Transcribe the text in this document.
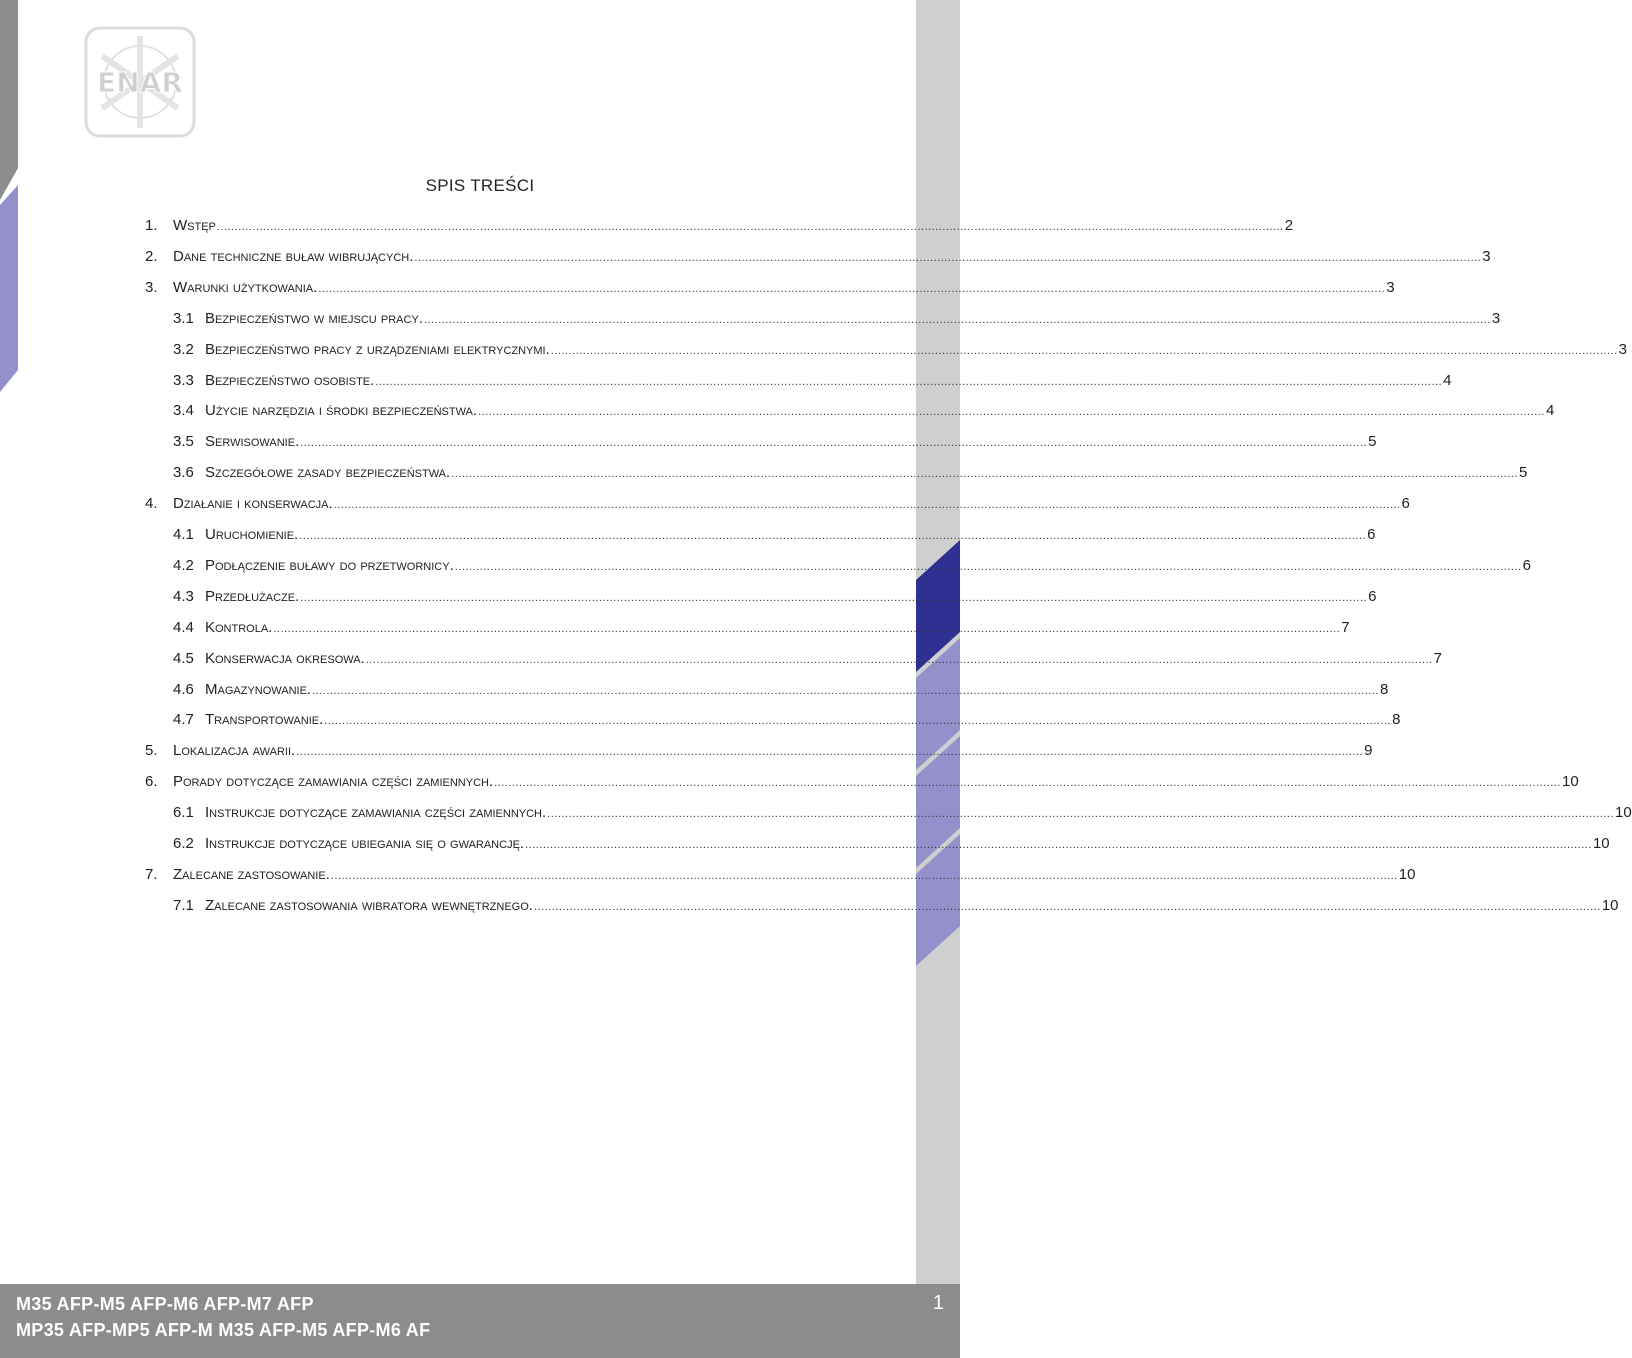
ENAR
SPIS TREŚCI
1.	Wstęp ............................................................................................................................................................................................................................................................................................................ 2
2.	Dane techniczne buław wibrujących. ............................................................................................................................................................................................................................................................................................................ 3
3.	Warunki użytkowania. ............................................................................................................................................................................................................................................................................................................ 3
3.1 Bezpieczeństwo w miejscu pracy. ............................................................................................................................................................................................................................................................................................................ 3
3.2 Bezpieczeństwo pracy z urządzeniami elektrycznymi. ............................................................................................................................................................................................................................................................................................................ 3
3.3 Bezpieczeństwo osobiste. ............................................................................................................................................................................................................................................................................................................ 4
3.4 Użycie narzędzia i środki bezpieczeństwa. ............................................................................................................................................................................................................................................................................................................ 4
3.5 Serwisowanie. ............................................................................................................................................................................................................................................................................................................ 5
3.6 Szczegółowe zasady bezpieczeństwa. ............................................................................................................................................................................................................................................................................................................ 5
4.	Działanie i konserwacja. ............................................................................................................................................................................................................................................................................................................ 6
4.1 Uruchomienie. ............................................................................................................................................................................................................................................................................................................ 6
4.2 Podłączenie buławy do przetwornicy. ............................................................................................................................................................................................................................................................................................................ 6
4.3 Przedłużacze. ............................................................................................................................................................................................................................................................................................................ 6
4.4 Kontrola. ............................................................................................................................................................................................................................................................................................................ 7
4.5 Konserwacja okresowa. ............................................................................................................................................................................................................................................................................................................ 7
4.6 Magazynowanie. ............................................................................................................................................................................................................................................................................................................ 8
4.7 Transportowanie. ............................................................................................................................................................................................................................................................................................................ 8
5.	Lokalizacja awarii. ............................................................................................................................................................................................................................................................................................................ 9
6.	Porady dotyczące zamawiania części zamiennych. ............................................................................................................................................................................................................................................................................................................ 10
6.1 Instrukcje dotyczące zamawiania części zamiennych. ............................................................................................................................................................................................................................................................................................................ 10
6.2 Instrukcje dotyczące ubiegania się o gwarancję. ............................................................................................................................................................................................................................................................................................................ 10
7.	Zalecane zastosowanie. ............................................................................................................................................................................................................................................................................................................ 10
7.1 Zalecane zastosowania wibratora wewnętrznego. ............................................................................................................................................................................................................................................................................................................ 10
M35 AFP-M5 AFP-M6 AFP-M7 AFP
MP35 AFP-MP5 AFP-M M35 AFP-M5 AFP-M6 AF
1
